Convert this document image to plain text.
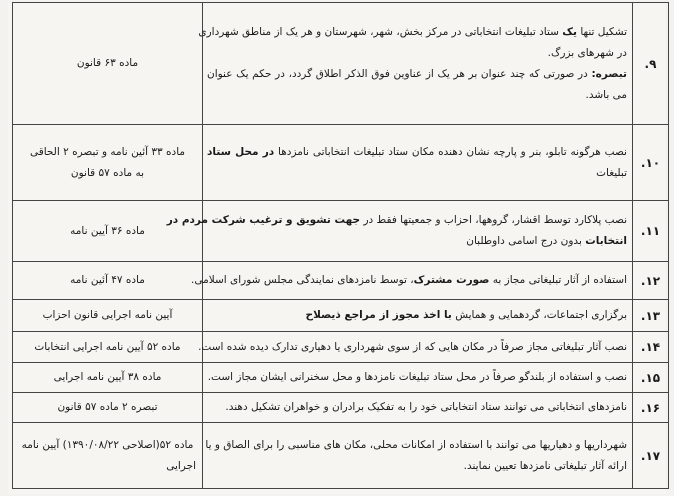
ماده ۶۳ قانون	تشکیل تنها یک ستاد تبلیغات انتخاباتی در مرکز بخش، شهر، شهرستان و هر یک از مناطق شهرداری
در شهرهای بزرگ.
تبصره: در صورتی که چند عنوان بر هر یک از عناوین فوق الذکر اطلاق گردد، در حکم یک عنوان
می باشد.	۹.

ماده ۳۳ آئین نامه و تبصره ۲ الحاقی
به ماده ۵۷ قانون	نصب هرگونه تابلو، بنر و پارچه نشان دهنده مکان ستاد تبلیغات انتخاباتی نامزدها در محل ستاد
تبلیغات	۱۰.

ماده ۳۶ آیین نامه	نصب پلاکارد توسط اقشار، گروهها، احزاب و جمعیتها فقط در جهت تشویق و ترغیب شرکت مردم در
انتخابات بدون درج اسامی داوطلبان	۱۱.

ماده ۴۷ آئین نامه	استفاده از آثار تبلیغاتی مجاز به صورت مشترک، توسط نامزدهای نمایندگی مجلس شورای اسلامی.	۱۲.

آیین نامه اجرایی قانون احزاب	برگزاری اجتماعات، گردهمایی و همایش با اخذ مجوز از مراجع ذیصلاح	۱۳.

ماده ۵۲ آیین نامه اجرایی انتخابات	نصب آثار تبلیغاتی مجاز صرفاً در مکان هایی که از سوی شهرداری یا دهیاری تدارک دیده شده است.	۱۴.

ماده ۳۸ آیین نامه اجرایی	نصب و استفاده از بلندگو صرفاً در محل ستاد تبلیغات نامزدها و محل سخنرانی ایشان مجاز است.	۱۵.

تبصره ۲ ماده ۵۷ قانون	نامزدهای انتخاباتی می توانند ستاد انتخاباتی خود را به تفکیک برادران و خواهران تشکیل دهند.	۱۶.

ماده ۵۲(اصلاحی ۱۳۹۰/۰۸/۲۲) آیین نامه
اجرایی	شهرداریها و دهیاریها می توانند با استفاده از امکانات محلی، مکان های مناسبی را برای الصاق و یا
ارائه آثار تبلیغاتی نامزدها تعیین نمایند.	۱۷.
